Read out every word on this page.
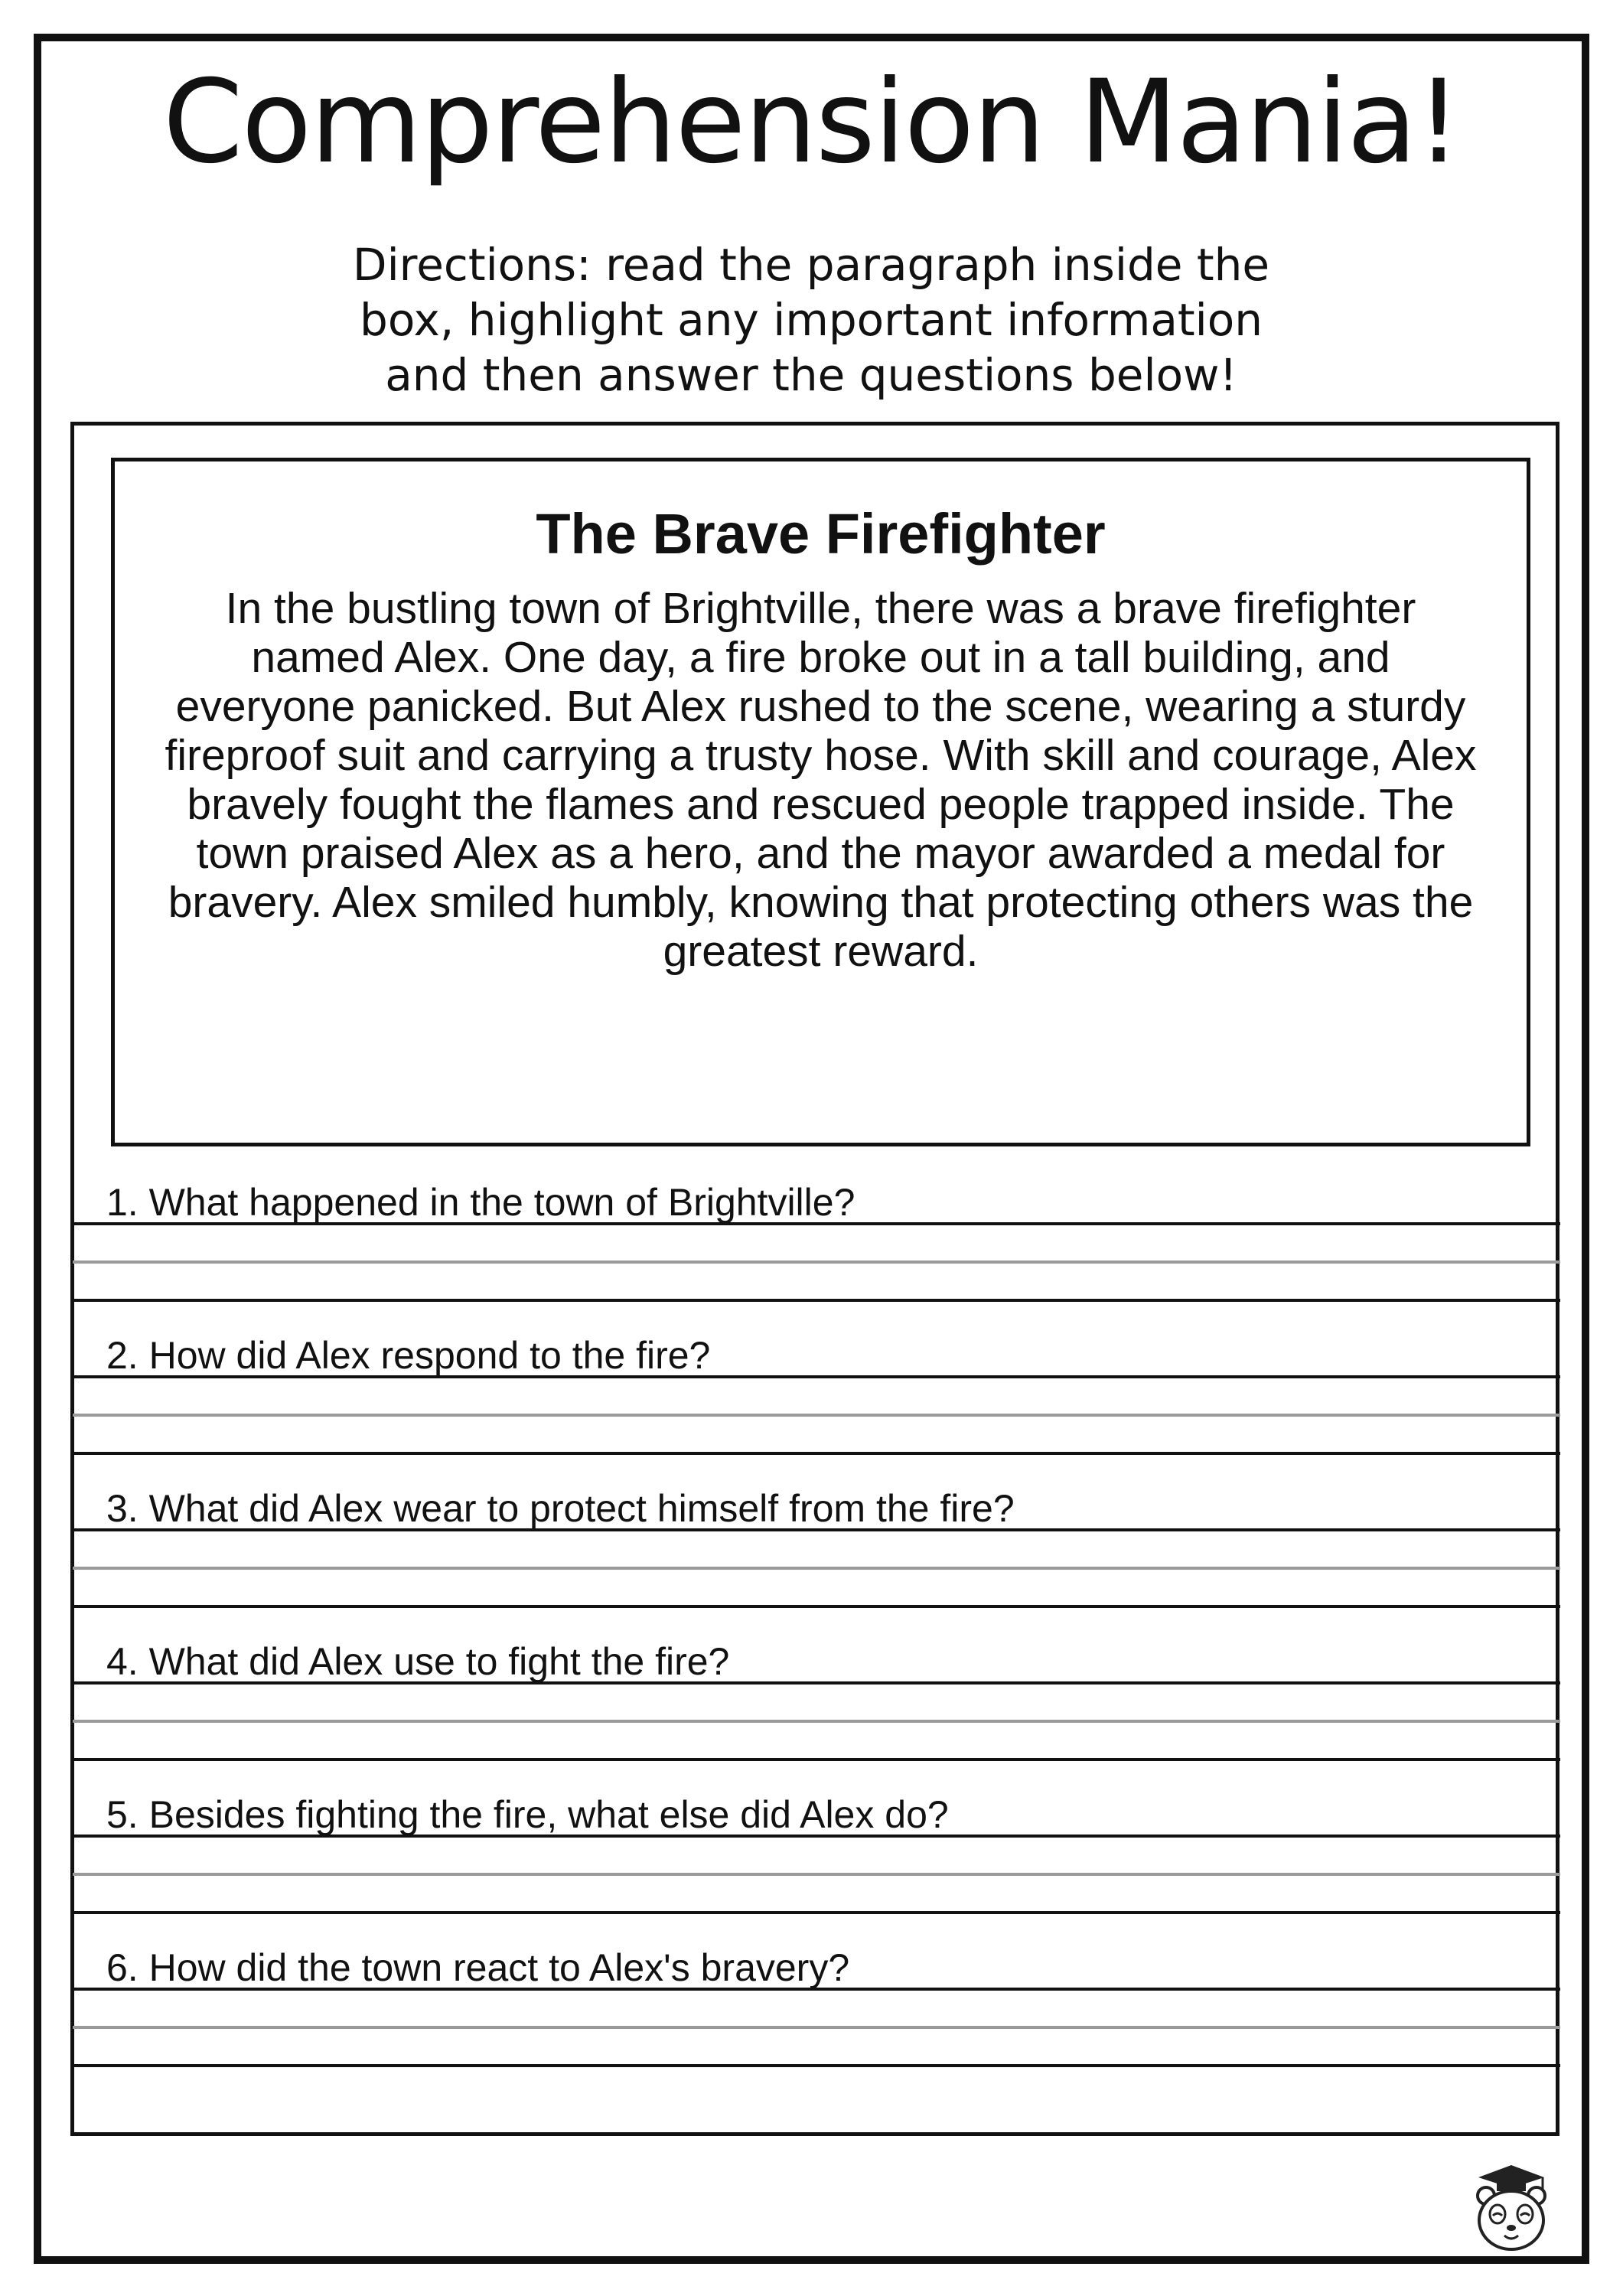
Comprehension Mania!

Directions: read the paragraph inside the box, highlight any important information and then answer the questions below!

The Brave Firefighter

In the bustling town of Brightville, there was a brave firefighter named Alex. One day, a fire broke out in a tall building, and everyone panicked. But Alex rushed to the scene, wearing a sturdy fireproof suit and carrying a trusty hose. With skill and courage, Alex bravely fought the flames and rescued people trapped inside. The town praised Alex as a hero, and the mayor awarded a medal for bravery. Alex smiled humbly, knowing that protecting others was the greatest reward.

1. What happened in the town of Brightville?
2. How did Alex respond to the fire?
3. What did Alex wear to protect himself from the fire?
4. What did Alex use to fight the fire?
5. Besides fighting the fire, what else did Alex do?
6. How did the town react to Alex's bravery?
